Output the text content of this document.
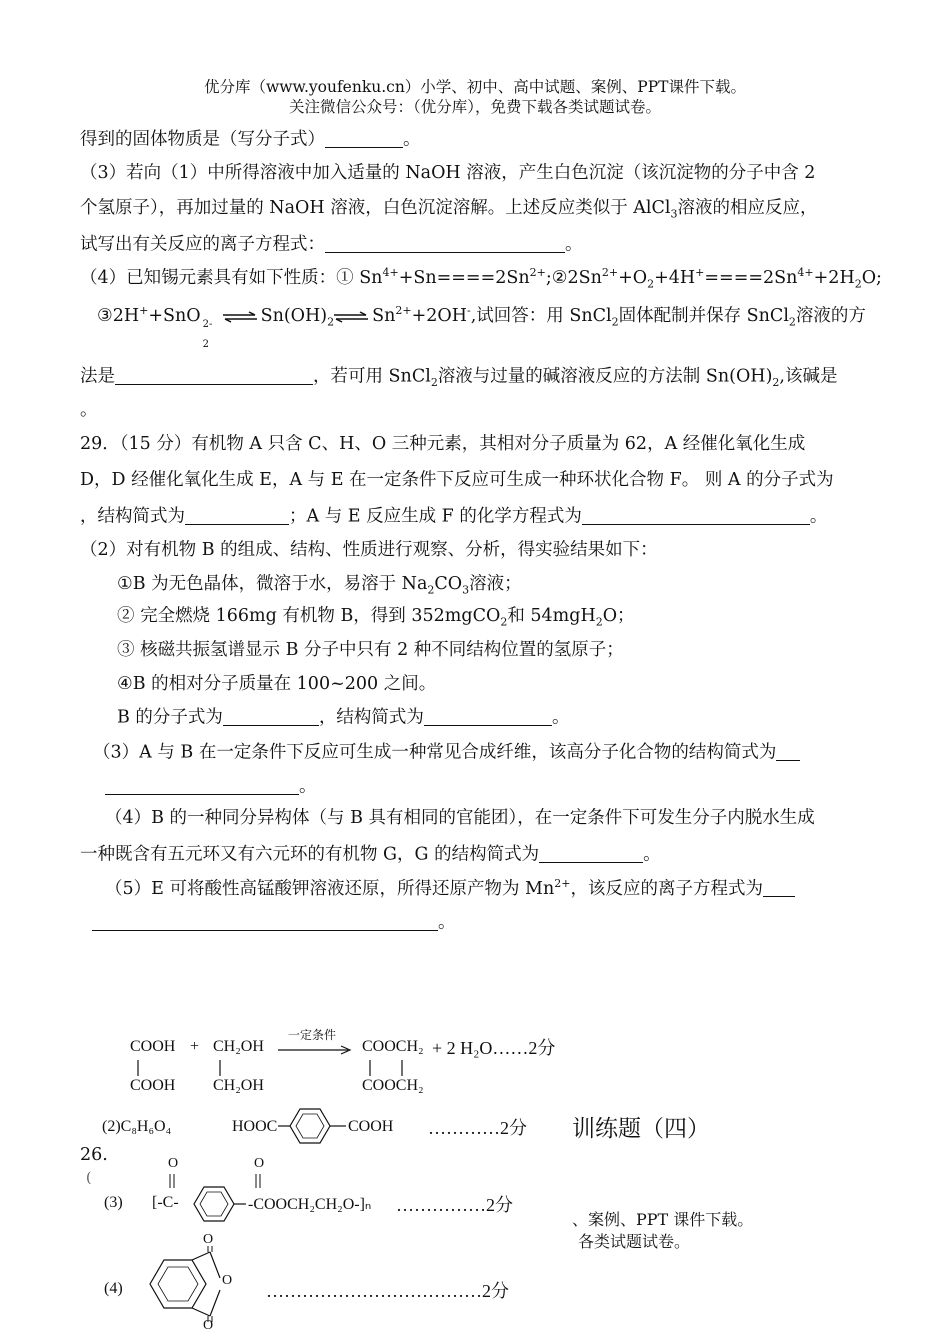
优分库（www.youfenku.cn）小学、初中、高中试题、案例、PPT课件下载。
关注微信公众号：（优分库），免费下载各类试题试卷。
得到的固体物质是（写分子式）	。
（3）若向（1）中所得溶液中加入适量的 NaOH 溶液，产生白色沉淀（该沉淀物的分子中含 2
个氢原子），再加过量的 NaOH 溶液，白色沉淀溶解。上述反应类似于 AlCl$_3$溶液的相应反应，
试写出有关反应的离子方程式：	。
（4）已知锡元素具有如下性质：① $Sn^{4+}+Sn====2Sn^{2+};②2Sn^{2+}+O_2+4H^+====2Sn^{4+}+2H_2O$;
③2H++SnO 2-
2
$Sn(OH)_2$ $Sn^{2+}+2OH^-$,试回答：用 SnCl$_2$固体配制并保存 SnCl$_2$溶液的方
法是	，若可用 SnCl$_2$溶液与过量的碱溶液反应的方法制 $Sn(OH)_2$,该碱是
。
29．（15 分）有机物 A 只含 C、H、O 三种元素，其相对分子质量为 62，A 经催化氧化生成
D，D 经催化氧化生成 E，A 与 E 在一定条件下反应可生成一种环状化合物 F。 则 A 的分子式为
，结构简式为	；A 与 E 反应生成 F 的化学方程式为	。
（2）对有机物 B 的组成、结构、性质进行观察、分析，得实验结果如下：
①B 为无色晶体，微溶于水，易溶于 $Na_2CO_3$溶液；
② 完全燃烧 166mg 有机物 B，得到 352mgCO$_2$和 54mgH$_2$O；
③ 核磁共振氢谱显示 B 分子中只有 2 种不同结构位置的氢原子；
④B 的相对分子质量在 100~200 之间。
B 的分子式为	，结构简式为	。
（3）A 与 B 在一定条件下反应可生成一种常见合成纤维，该高分子化合物的结构简式为
。
（4）B 的一种同分异构体（与 B 具有相同的官能团），在一定条件下可发生分子内脱水生成
一种既含有五元环又有六元环的有机物 G，G 的结构简式为	。
（5）E 可将酸性高锰酸钾溶液还原，所得还原产物为 $Mn^{2+}$，该反应的离子方程式为
。
COOH + CH₂OH
一定条件
COOCH₂ + 2 H₂O……2分
COOH CH₂OH	COOCH₂
(2)C₈H₆O₄	HOOC	COOH …………2分 训练题（四）
26.
(
O	O
(3) [-C-	-COOCH₂CH₂O-]ₙ ……………2分
、案例、PPT 课件下载。
各类试题试卷。
O
O
O
(4)	………………………………2分
